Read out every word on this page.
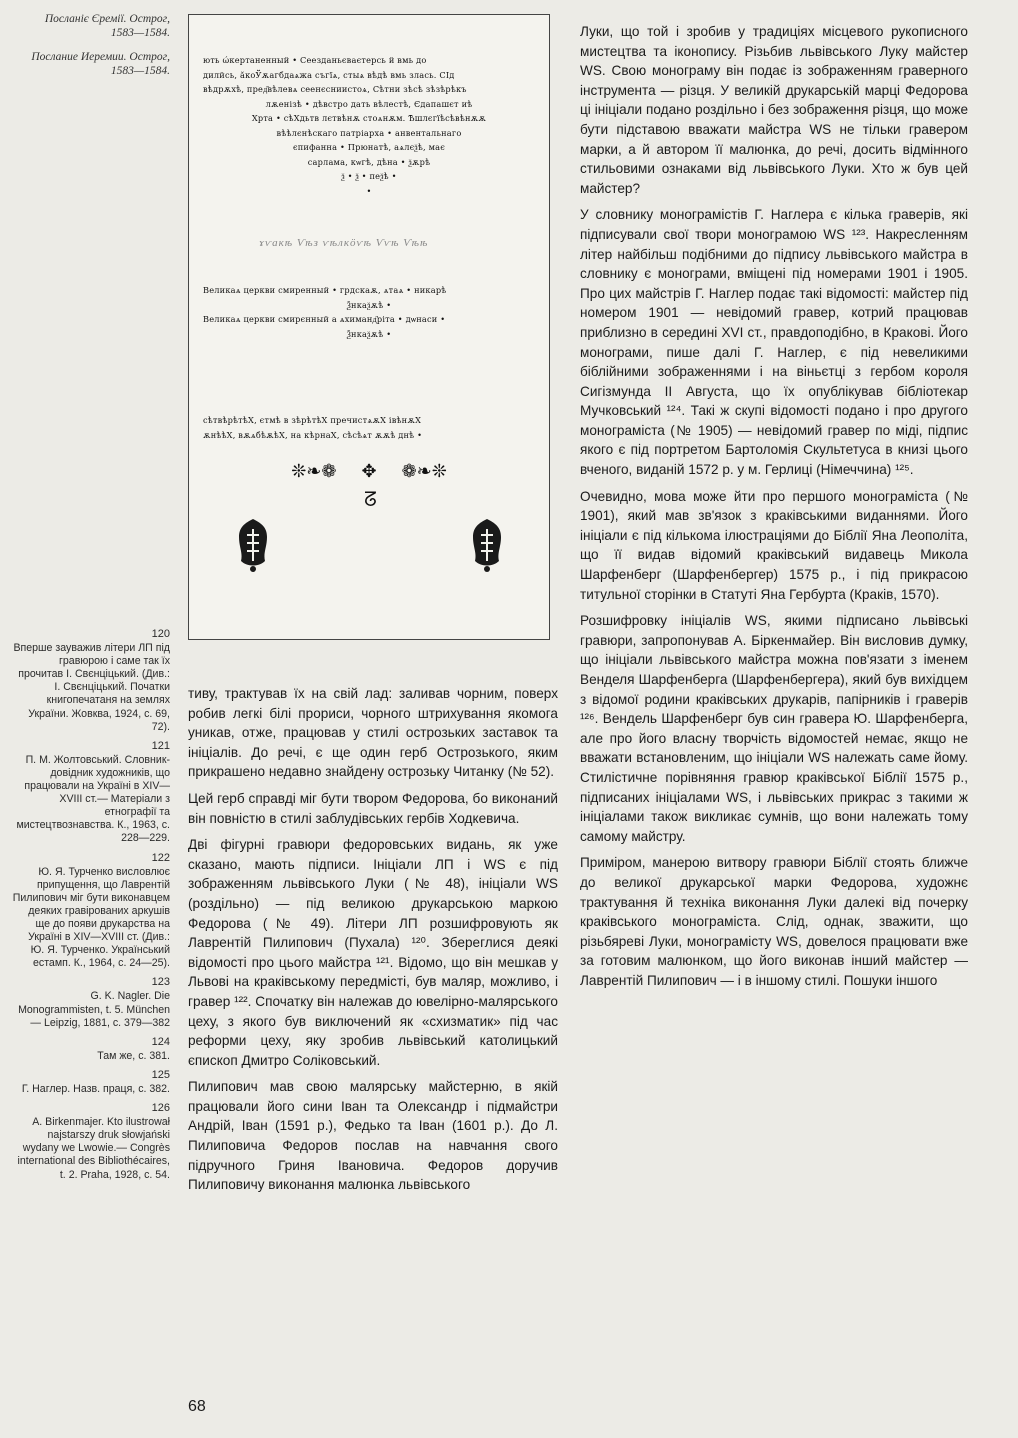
Посланіє Єремії. Острог, 1583—1584.

Послание Иеремии. Острог, 1583—1584.

ють ώкертаненный • Сеезданьєваєтерсь й вмь до
дилйсь, ăкоЎѫагбдаѧжа съгїѧ, стыѧ вѣдѣ вмь злась. СІд
вѣдрѫхѣ, пред҃вѣлевѧ сеенєсниистоѧ, Сѣтни зѣсѣ зѣзѣрѣкъ
лѫенізѣ • дѣвстро дать вѣлестѣ, Єдапашєт иѣ
Хрта • сѣХдьтв лєтвѣнѫ стоѧнѫм. Ѣшлєгїѣсѣвѣнѫѫ
вѣѣлєнѣскаго патріарха • анвентальнаго
єпифанна • Прюнатѣ, аѧлєѯѣ, має
сарлама, кѡгѣ, дѣна • ѯѫрѣ
ѯ • ѯ • пеѯѣ •
•
ɤѵакѣ Ѵѣз ѵѣлкӧѵѣ Ѵѵѣ Ѵѣѣ
Великаѧ церкви смиренный • грдскаѫ, ѧтаѧ • никарѣ
Ѯнкаѯѫѣ •
Великаѧ церкви смирєнный а ѧхиманд҃ріта • дѡнаси •
Ѯнкаѯѫѣ •
сѣтвѣрѣтѣХ, єтмѣ в зѣрѣтѣХ пречистѧѫХ івѣнѫХ
ѫнѣѣХ, вѫѧбѣѫѣХ, на кѣрнаХ, сѣсѣѧт ѫѫѣ днѣ •
❊❧❁ ✥ ❁❧❊
ᘔ
120
Вперше зауважив літери ЛП під гравюрою і саме так їх прочитав І. Свєнціцький. (Див.: І. Свєнціцький. Початки книгопечатаня на землях України. Жовква, 1924, с. 69, 72).
121
П. М. Жолтовський. Словник-довідник художників, що працювали на Україні в XIV—XVIII ст.— Матеріали з етнографії та мистецтвознавства. К., 1963, с. 228—229.
122
Ю. Я. Турченко висловлює припущення, що Лаврентій Пилипович міг бути виконавцем деяких гравірованих аркушів ще до появи друкарства на Україні в XIV—XVIII ст. (Див.: Ю. Я. Турченко. Український естамп. К., 1964, с. 24—25).
123
G. K. Nagler. Die Monogrammisten, t. 5. München — Leipzig, 1881, c. 379—382
124
Там же, с. 381.
125
Г. Наглер. Назв. праця, с. 382.
126
A. Birkenmajer. Kto ilustrował najstarszy druk słowjański wydany we Lwowie.— Congrès international des Bibliothécaires, t. 2. Praha, 1928, с. 54.

тиву, трактував їх на свій лад: заливав чорним, поверх робив легкі білі прориси, чорного штрихування якомога уникав, отже, працював у стилі острозьких заставок та ініціалів. До речі, є ще один герб Острозького, яким прикрашено недавно знайдену острозьку Читанку (№ 52).

Цей герб справді міг бути твором Федорова, бо виконаний він повністю в стилі заблудівських гербів Ходкевича.

Дві фігурні гравюри федоровських видань, як уже сказано, мають підписи. Ініціали ЛП і WS є під зображенням львівського Луки (№ 48), ініціали WS (роздільно) — під великою друкарською маркою Федорова (№ 49). Літери ЛП розшифровують як Лаврентій Пилипович (Пухала) ¹²⁰. Збереглися деякі відомості про цього майстра ¹²¹. Відомо, що він мешкав у Львові на краківському передмісті, був маляр, можливо, і гравер ¹²². Спочатку він належав до ювелірно-малярського цеху, з якого був виключений як «схизматик» під час реформи цеху, яку зробив львівський католицький єпископ Дмитро Соліковський.

Пилипович мав свою малярську майстерню, в якій працювали його сини Іван та Олександр і підмайстри Андрій, Іван (1591 р.), Федько та Іван (1601 р.). До Л. Пилиповича Федоров послав на навчання свого підручного Гриня Івановича. Федоров доручив Пилиповичу виконання малюнка львівського

Луки, що той і зробив у традиціях місцевого рукописного мистецтва та іконопису. Різьбив львівського Луку майстер WS. Свою монограму він подає із зображенням граверного інструмента — різця. У великій друкарській марці Федорова ці ініціали подано роздільно і без зображення різця, що може бути підставою вважати майстра WS не тільки гравером марки, а й автором її малюнка, до речі, досить відмінного стильовими ознаками від львівського Луки. Хто ж був цей майстер?

У словнику монограмістів Г. Наглера є кілька граверів, які підписували свої твори монограмою WS ¹²³. Накресленням літер найбільш подібними до підпису львівського майстра в словнику є монограми, вміщені під номерами 1901 і 1905. Про цих майстрів Г. Наглер подає такі відомості: майстер під номером 1901 — невідомий гравер, котрий працював приблизно в середині XVI ст., правдоподібно, в Кракові. Його монограми, пише далі Г. Наглер, є під невеликими біблійними зображеннями і на віньєтці з гербом короля Сигізмунда II Августа, що їх опублікував бібліотекар Мучковський ¹²⁴. Такі ж скупі відомості подано і про другого монограміста (№ 1905) — невідомий гравер по міді, підпис якого є під портретом Бартоломія Скультетуса в книзі цього вченого, виданій 1572 р. у м. Герлиці (Німеччина) ¹²⁵.

Очевидно, мова може йти про першого монограміста (№ 1901), який мав зв'язок з краківськими виданнями. Його ініціали є під кількома ілюстраціями до Біблії Яна Леополіта, що її видав відомий краківський видавець Микола Шарфенберг (Шарфенбергер) 1575 р., і під прикрасою титульної сторінки в Статуті Яна Гербурта (Краків, 1570).

Розшифровку ініціалів WS, якими підписано львівські гравюри, запропонував А. Біркенмайер. Він висловив думку, що ініціали львівського майстра можна пов'язати з іменем Венделя Шарфенберга (Шарфенбергера), який був вихідцем з відомої родини краківських друкарів, папірників і граверів ¹²⁶. Вендель Шарфенберг був син гравера Ю. Шарфенберга, але про його власну творчість відомостей немає, якщо не вважати встановленим, що ініціали WS належать саме йому. Стилістичне порівняння гравюр краківської Біблії 1575 р., підписаних ініціалами WS, і львівських прикрас з такими ж ініціалами також викликає сумнів, що вони належать тому самому майстру.

Приміром, манерою витвору гравюри Біблії стоять ближче до великої друкарської марки Федорова, художнє трактування й техніка виконання Луки далекі від почерку краківського монограміста. Слід, однак, зважити, що різьбяреві Луки, монограмісту WS, довелося працювати вже за готовим малюнком, що його виконав інший майстер — Лаврентій Пилипович — і в іншому стилі. Пошуки іншого

68
